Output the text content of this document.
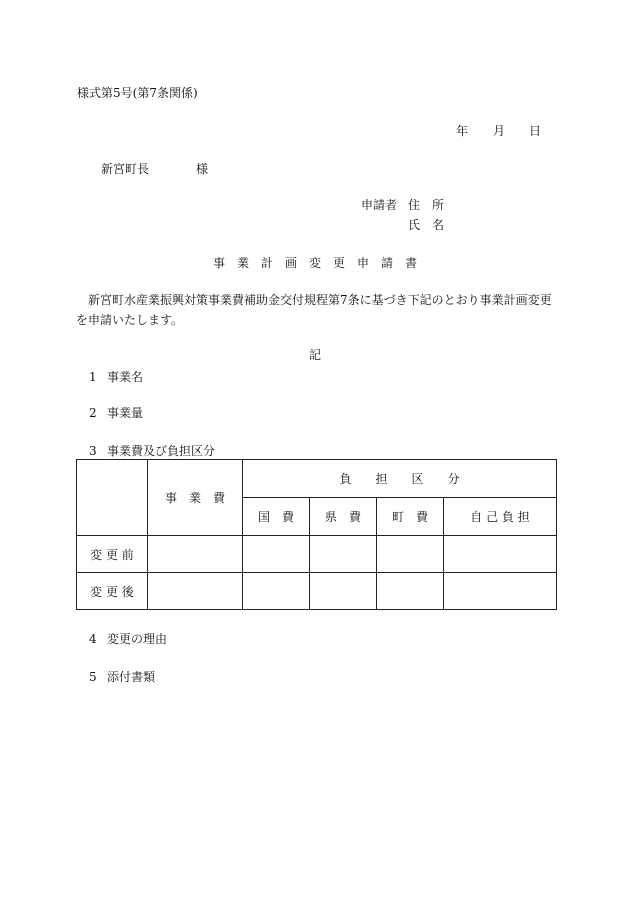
様式第5号(第7条関係)
年 月 日
新宮町長	様
申請者 住　所
氏　名
事　業　計　画　変　更　申　請　書
新宮町水産業振興対策事業費補助金交付規程第7条に基づき下記のとおり事業計画変更
を申請いたします。
記
1 事業名
2 事業量
3 事業費及び負担区分
	事　業　費	負　　担　　区　　分			
		国　費	県　費	町　費	自 己 負 担
変 更 前					
変 更 後					
4 変更の理由
5 添付書類
